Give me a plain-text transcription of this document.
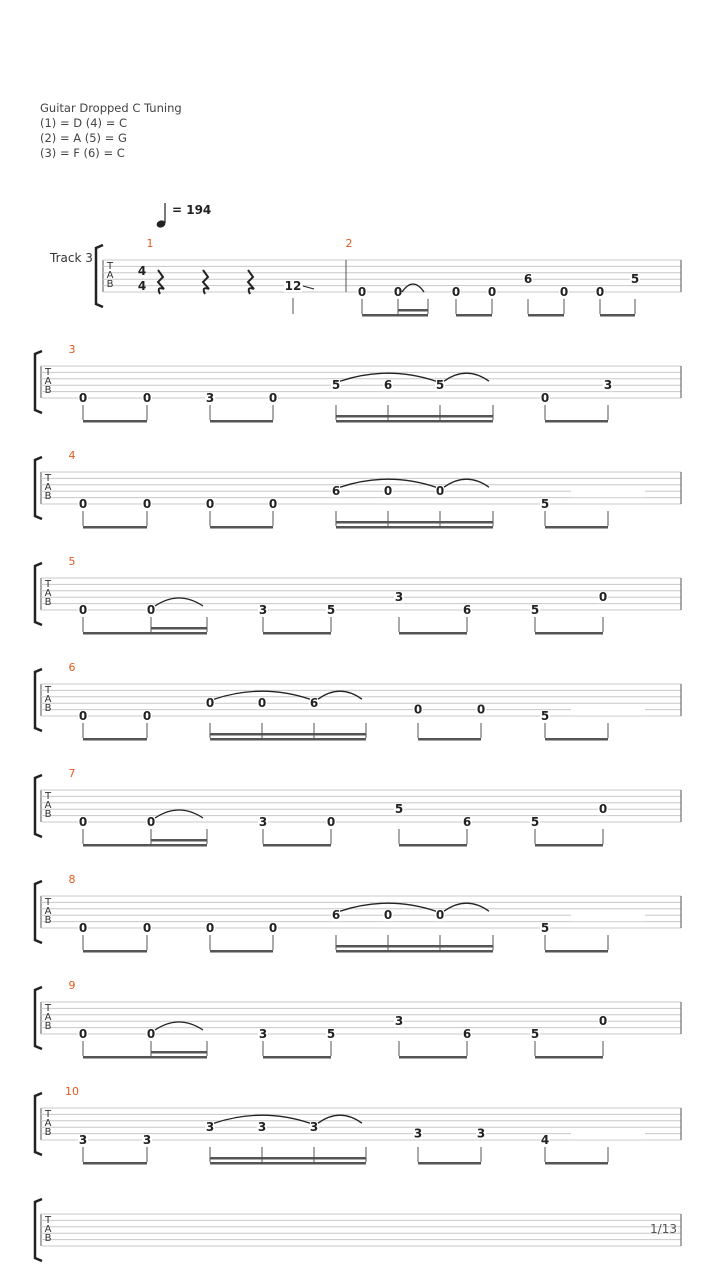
Guitar Dropped C Tuning
(1) = D (4) = C
(2) = A (5) = G
(3) = F (6) = C
T
A
B
Track 3
4
4
1	2
= 194
12	0 0	0 0
6
0 0
5
T
A
B
3
0	0	3	0
5	6	5
0
3
T
A
B
4
0	0	0	0
6	0	0
5
T
A
B
5
0	0	3	5
3
6	5
0
T
A
B
6
0	0
0	0	6	0	0	5
T
A
B
7
0	0	3	0
5
6	5
0
T
A
B
8
0	0	0	0
6	0	0
5
T
A
B
9
0	0	3	5
3
6	5
0
T
A
B
10
3	3
3	3	3	3	3	4
T
A
B
1/13
